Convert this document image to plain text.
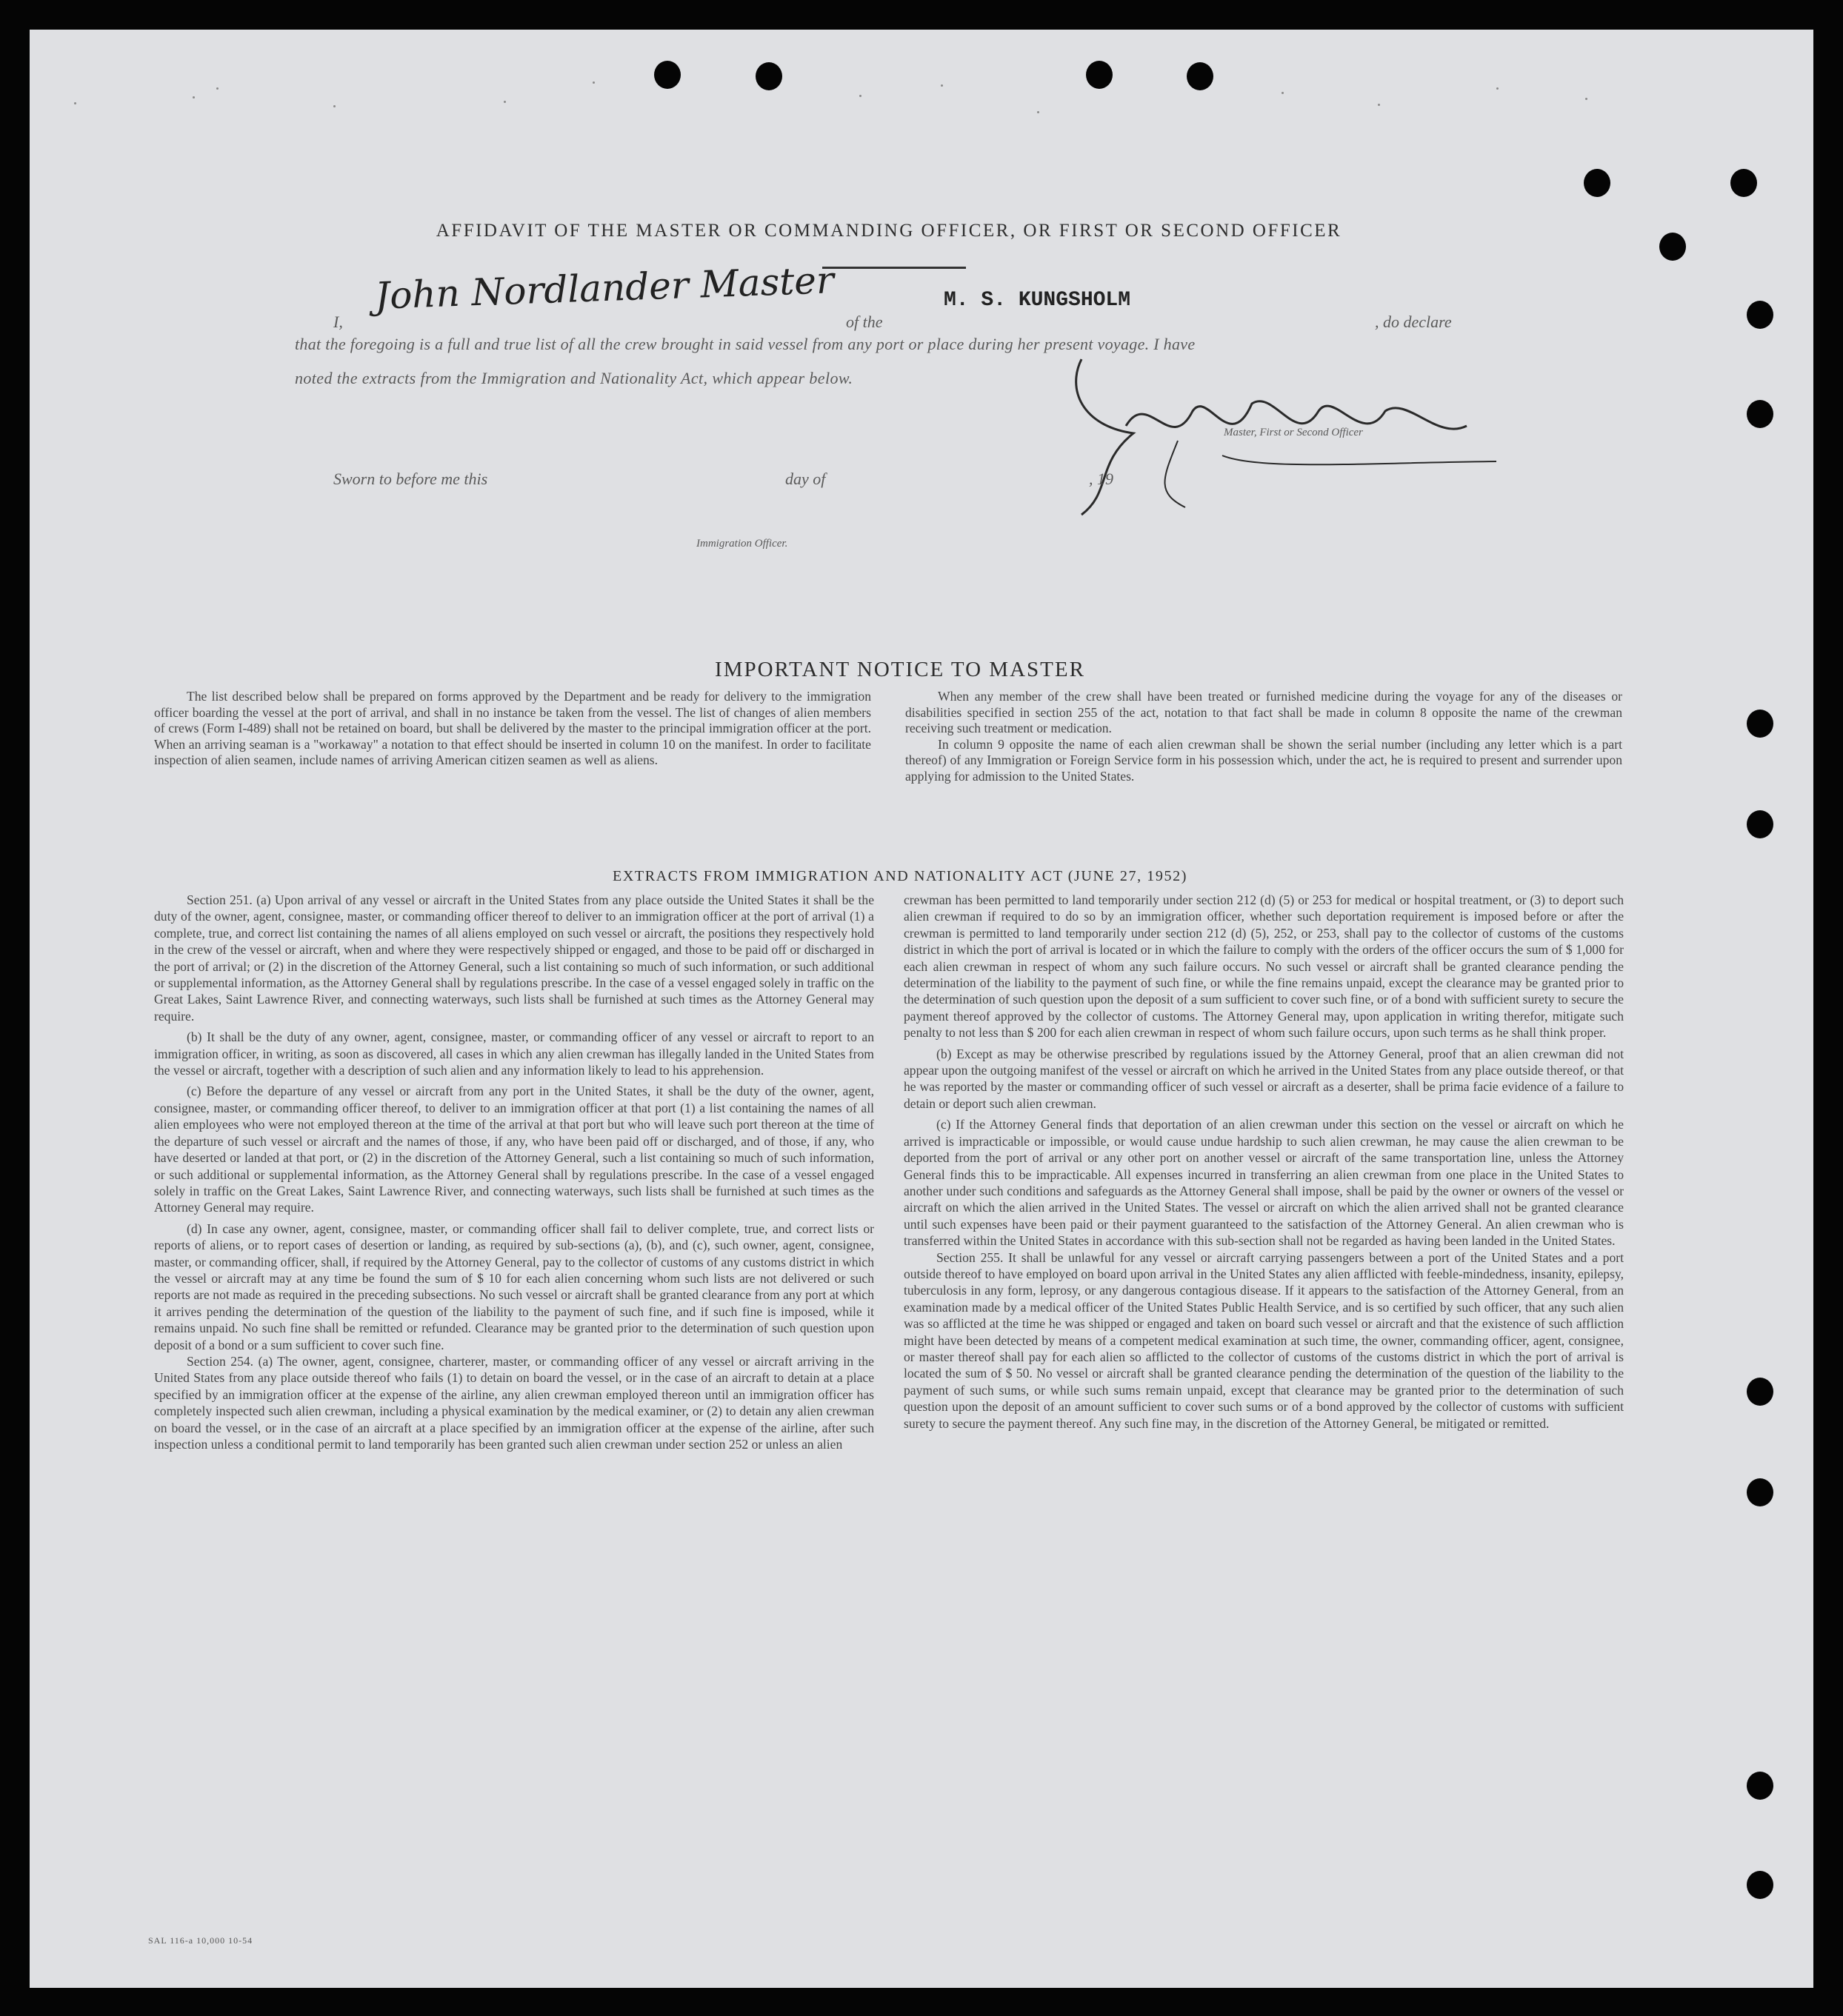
AFFIDAVIT OF THE MASTER OR COMMANDING OFFICER, OR FIRST OR SECOND OFFICER
I,
John Nordlander Master
of the
M. S. KUNGSHOLM
, do declare
that the foregoing is a full and true list of all the crew brought in said vessel from any port or place during her present voyage. I have
noted the extracts from the Immigration and Nationality Act, which appear below.
Master, First or Second Officer
Sworn to before me this	day of	, 19
Immigration Officer.
IMPORTANT NOTICE TO MASTER

The list described below shall be prepared on forms approved by the Department and be ready for delivery to the immigration officer boarding the vessel at the port of arrival, and shall in no instance be taken from the vessel. The list of changes of alien members of crews (Form I-489) shall not be retained on board, but shall be delivered by the master to the principal immigration officer at the port. When an arriving seaman is a "workaway" a notation to that effect should be inserted in column 10 on the manifest. In order to facilitate inspection of alien seamen, include names of arriving American citizen seamen as well as aliens.

When any member of the crew shall have been treated or furnished medicine during the voyage for any of the diseases or disabilities specified in section 255 of the act, notation to that fact shall be made in column 8 opposite the name of the crewman receiving such treatment or medication.

In column 9 opposite the name of each alien crewman shall be shown the serial number (including any letter which is a part thereof) of any Immigration or Foreign Service form in his possession which, under the act, he is required to present and surrender upon applying for admission to the United States.

EXTRACTS FROM IMMIGRATION AND NATIONALITY ACT (JUNE 27, 1952)

Section 251. (a) Upon arrival of any vessel or aircraft in the United States from any place outside the United States it shall be the duty of the owner, agent, consignee, master, or commanding officer thereof to deliver to an immigration officer at the port of arrival (1) a complete, true, and correct list containing the names of all aliens employed on such vessel or aircraft, the positions they respectively hold in the crew of the vessel or aircraft, when and where they were respectively shipped or engaged, and those to be paid off or discharged in the port of arrival; or (2) in the discretion of the Attorney General, such a list containing so much of such information, or such additional or supplemental information, as the Attorney General shall by regulations prescribe. In the case of a vessel engaged solely in traffic on the Great Lakes, Saint Lawrence River, and connecting waterways, such lists shall be furnished at such times as the Attorney General may require.

(b) It shall be the duty of any owner, agent, consignee, master, or commanding officer of any vessel or aircraft to report to an immigration officer, in writing, as soon as discovered, all cases in which any alien crewman has illegally landed in the United States from the vessel or aircraft, together with a description of such alien and any information likely to lead to his apprehension.

(c) Before the departure of any vessel or aircraft from any port in the United States, it shall be the duty of the owner, agent, consignee, master, or commanding officer thereof, to deliver to an immigration officer at that port (1) a list containing the names of all alien employees who were not employed thereon at the time of the arrival at that port but who will leave such port thereon at the time of the departure of such vessel or aircraft and the names of those, if any, who have been paid off or discharged, and of those, if any, who have deserted or landed at that port, or (2) in the discretion of the Attorney General, such a list containing so much of such information, or such additional or supplemental information, as the Attorney General shall by regulations prescribe. In the case of a vessel engaged solely in traffic on the Great Lakes, Saint Lawrence River, and connecting waterways, such lists shall be furnished at such times as the Attorney General may require.

(d) In case any owner, agent, consignee, master, or commanding officer shall fail to deliver complete, true, and correct lists or reports of aliens, or to report cases of desertion or landing, as required by sub-sections (a), (b), and (c), such owner, agent, consignee, master, or commanding officer, shall, if required by the Attorney General, pay to the collector of customs of any customs district in which the vessel or aircraft may at any time be found the sum of $ 10 for each alien concerning whom such lists are not delivered or such reports are not made as required in the preceding subsections. No such vessel or aircraft shall be granted clearance from any port at which it arrives pending the determination of the question of the liability to the payment of such fine, and if such fine is imposed, while it remains unpaid. No such fine shall be remitted or refunded. Clearance may be granted prior to the determination of such question upon deposit of a bond or a sum sufficient to cover such fine.

Section 254. (a) The owner, agent, consignee, charterer, master, or commanding officer of any vessel or aircraft arriving in the United States from any place outside thereof who fails (1) to detain on board the vessel, or in the case of an aircraft to detain at a place specified by an immigration officer at the expense of the airline, any alien crewman employed thereon until an immigration officer has completely inspected such alien crewman, including a physical examination by the medical examiner, or (2) to detain any alien crewman on board the vessel, or in the case of an aircraft at a place specified by an immigration officer at the expense of the airline, after such inspection unless a conditional permit to land temporarily has been granted such alien crewman under section 252 or unless an alien

crewman has been permitted to land temporarily under section 212 (d) (5) or 253 for medical or hospital treatment, or (3) to deport such alien crewman if required to do so by an immigration officer, whether such deportation requirement is imposed before or after the crewman is permitted to land temporarily under section 212 (d) (5), 252, or 253, shall pay to the collector of customs of the customs district in which the port of arrival is located or in which the failure to comply with the orders of the officer occurs the sum of $ 1,000 for each alien crewman in respect of whom any such failure occurs. No such vessel or aircraft shall be granted clearance pending the determination of the liability to the payment of such fine, or while the fine remains unpaid, except the clearance may be granted prior to the determination of such question upon the deposit of a sum sufficient to cover such fine, or of a bond with sufficient surety to secure the payment thereof approved by the collector of customs. The Attorney General may, upon application in writing therefor, mitigate such penalty to not less than $ 200 for each alien crewman in respect of whom such failure occurs, upon such terms as he shall think proper.

(b) Except as may be otherwise prescribed by regulations issued by the Attorney General, proof that an alien crewman did not appear upon the outgoing manifest of the vessel or aircraft on which he arrived in the United States from any place outside thereof, or that he was reported by the master or commanding officer of such vessel or aircraft as a deserter, shall be prima facie evidence of a failure to detain or deport such alien crewman.

(c) If the Attorney General finds that deportation of an alien crewman under this section on the vessel or aircraft on which he arrived is impracticable or impossible, or would cause undue hardship to such alien crewman, he may cause the alien crewman to be deported from the port of arrival or any other port on another vessel or aircraft of the same transportation line, unless the Attorney General finds this to be impracticable. All expenses incurred in transferring an alien crewman from one place in the United States to another under such conditions and safeguards as the Attorney General shall impose, shall be paid by the owner or owners of the vessel or aircraft on which the alien arrived in the United States. The vessel or aircraft on which the alien arrived shall not be granted clearance until such expenses have been paid or their payment guaranteed to the satisfaction of the Attorney General. An alien crewman who is transferred within the United States in accordance with this sub-section shall not be regarded as having been landed in the United States.

Section 255. It shall be unlawful for any vessel or aircraft carrying passengers between a port of the United States and a port outside thereof to have employed on board upon arrival in the United States any alien afflicted with feeble-mindedness, insanity, epilepsy, tuberculosis in any form, leprosy, or any dangerous contagious disease. If it appears to the satisfaction of the Attorney General, from an examination made by a medical officer of the United States Public Health Service, and is so certified by such officer, that any such alien was so afflicted at the time he was shipped or engaged and taken on board such vessel or aircraft and that the existence of such affliction might have been detected by means of a competent medical examination at such time, the owner, commanding officer, agent, consignee, or master thereof shall pay for each alien so afflicted to the collector of customs of the customs district in which the port of arrival is located the sum of $ 50. No vessel or aircraft shall be granted clearance pending the determination of the question of the liability to the payment of such sums, or while such sums remain unpaid, except that clearance may be granted prior to the determination of such question upon the deposit of an amount sufficient to cover such sums or of a bond approved by the collector of customs with sufficient surety to secure the payment thereof. Any such fine may, in the discretion of the Attorney General, be mitigated or remitted.

SAL 116-a 10,000 10-54
